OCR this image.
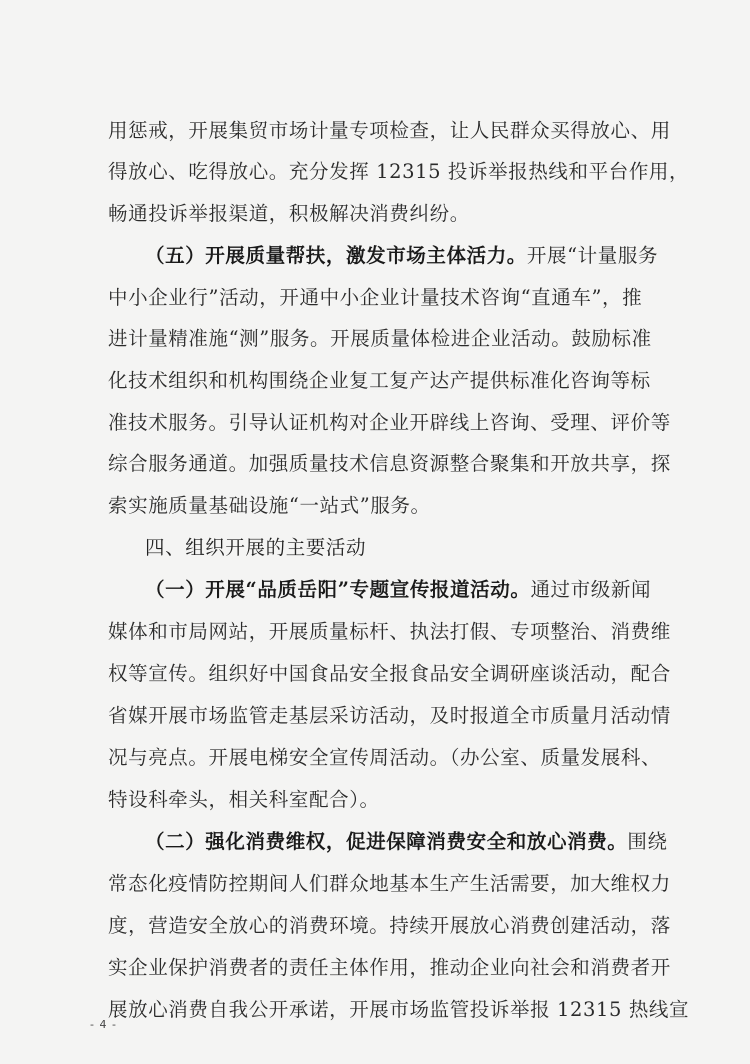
用惩戒，开展集贸市场计量专项检查，让人民群众买得放心、用
得放心、吃得放心。充分发挥 12315 投诉举报热线和平台作用，
畅通投诉举报渠道，积极解决消费纠纷。
（五）开展质量帮扶，激发市场主体活力。开展“计量服务
中小企业行”活动，开通中小企业计量技术咨询“直通车”，推
进计量精准施“测”服务。开展质量体检进企业活动。鼓励标准
化技术组织和机构围绕企业复工复产达产提供标准化咨询等标
准技术服务。引导认证机构对企业开辟线上咨询、受理、评价等
综合服务通道。加强质量技术信息资源整合聚集和开放共享，探
索实施质量基础设施“一站式”服务。
四、组织开展的主要活动
（一）开展“品质岳阳”专题宣传报道活动。通过市级新闻
媒体和市局网站，开展质量标杆、执法打假、专项整治、消费维
权等宣传。组织好中国食品安全报食品安全调研座谈活动，配合
省媒开展市场监管走基层采访活动，及时报道全市质量月活动情
况与亮点。开展电梯安全宣传周活动。（办公室、质量发展科、
特设科牵头，相关科室配合）。
（二）强化消费维权，促进保障消费安全和放心消费。围绕
常态化疫情防控期间人们群众地基本生产生活需要，加大维权力
度，营造安全放心的消费环境。持续开展放心消费创建活动，落
实企业保护消费者的责任主体作用，推动企业向社会和消费者开
展放心消费自我公开承诺，开展市场监管投诉举报 12315 热线宣
- 4 -
